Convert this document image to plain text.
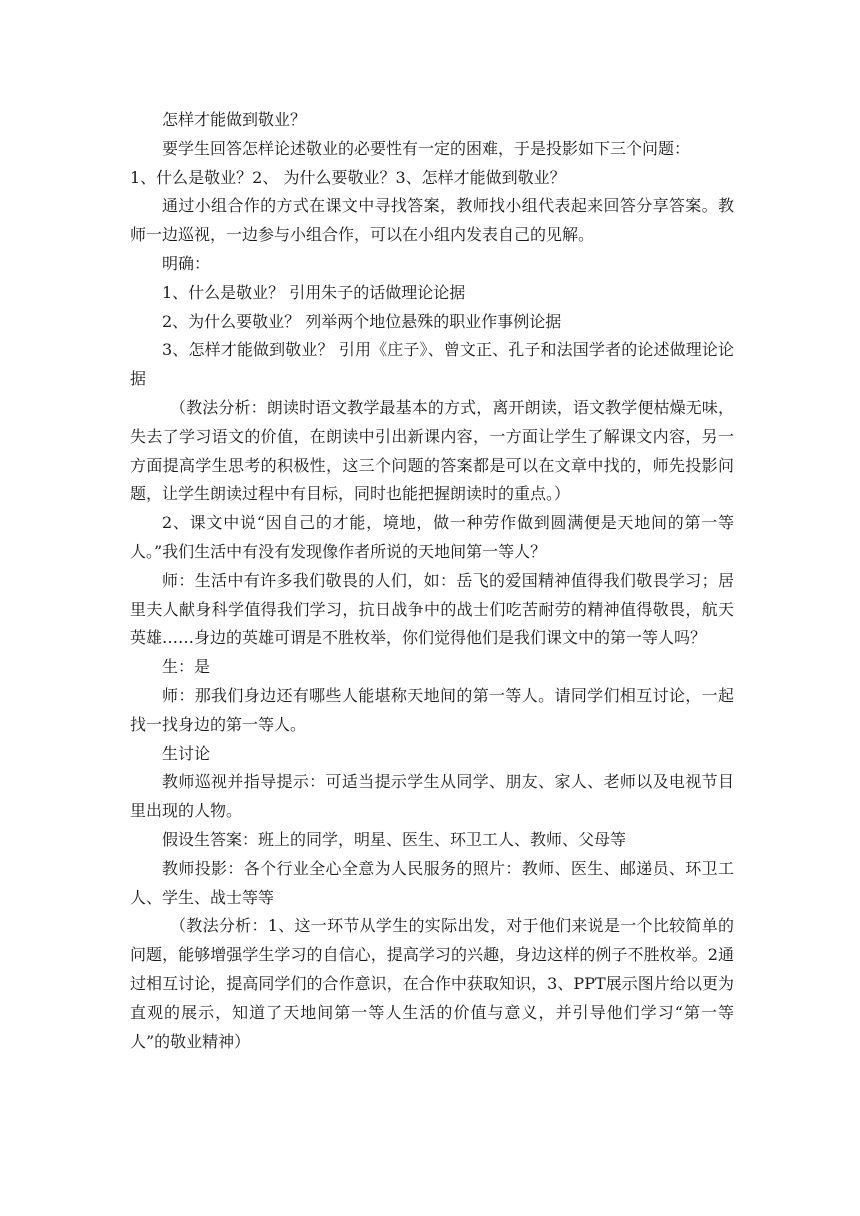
怎样才能做到敬业？

要学生回答怎样论述敬业的必要性有一定的困难，于是投影如下三个问题：

1、什么是敬业？2、 为什么要敬业？3、怎样才能做到敬业？

通过小组合作的方式在课文中寻找答案，教师找小组代表起来回答分享答案。教师一边巡视，一边参与小组合作，可以在小组内发表自己的见解。

明确：

1、什么是敬业？ 引用朱子的话做理论论据

2、为什么要敬业？ 列举两个地位悬殊的职业作事例论据

3、怎样才能做到敬业？ 引用《庄子》、曾文正、孔子和法国学者的论述做理论论据

（教法分析：朗读时语文教学最基本的方式，离开朗读，语文教学便枯燥无味，失去了学习语文的价值，在朗读中引出新课内容，一方面让学生了解课文内容，另一方面提高学生思考的积极性，这三个问题的答案都是可以在文章中找的，师先投影问题，让学生朗读过程中有目标，同时也能把握朗读时的重点。）

2、课文中说“因自己的才能，境地，做一种劳作做到圆满便是天地间的第一等人。”我们生活中有没有发现像作者所说的天地间第一等人？

师：生活中有许多我们敬畏的人们，如：岳飞的爱国精神值得我们敬畏学习；居里夫人献身科学值得我们学习，抗日战争中的战士们吃苦耐劳的精神值得敬畏，航天英雄……身边的英雄可谓是不胜枚举，你们觉得他们是我们课文中的第一等人吗？

生：是

师：那我们身边还有哪些人能堪称天地间的第一等人。请同学们相互讨论，一起找一找身边的第一等人。

生讨论

教师巡视并指导提示：可适当提示学生从同学、朋友、家人、老师以及电视节目里出现的人物。

假设生答案：班上的同学，明星、医生、环卫工人、教师、父母等

教师投影：各个行业全心全意为人民服务的照片：教师、医生、邮递员、环卫工人、学生、战士等等

（教法分析：1、这一环节从学生的实际出发，对于他们来说是一个比较简单的问题，能够增强学生学习的自信心，提高学习的兴趣，身边这样的例子不胜枚举。2通过相互讨论，提高同学们的合作意识，在合作中获取知识，3、PPT展示图片给以更为直观的展示，知道了天地间第一等人生活的价值与意义，并引导他们学习“第一等人”的敬业精神）
